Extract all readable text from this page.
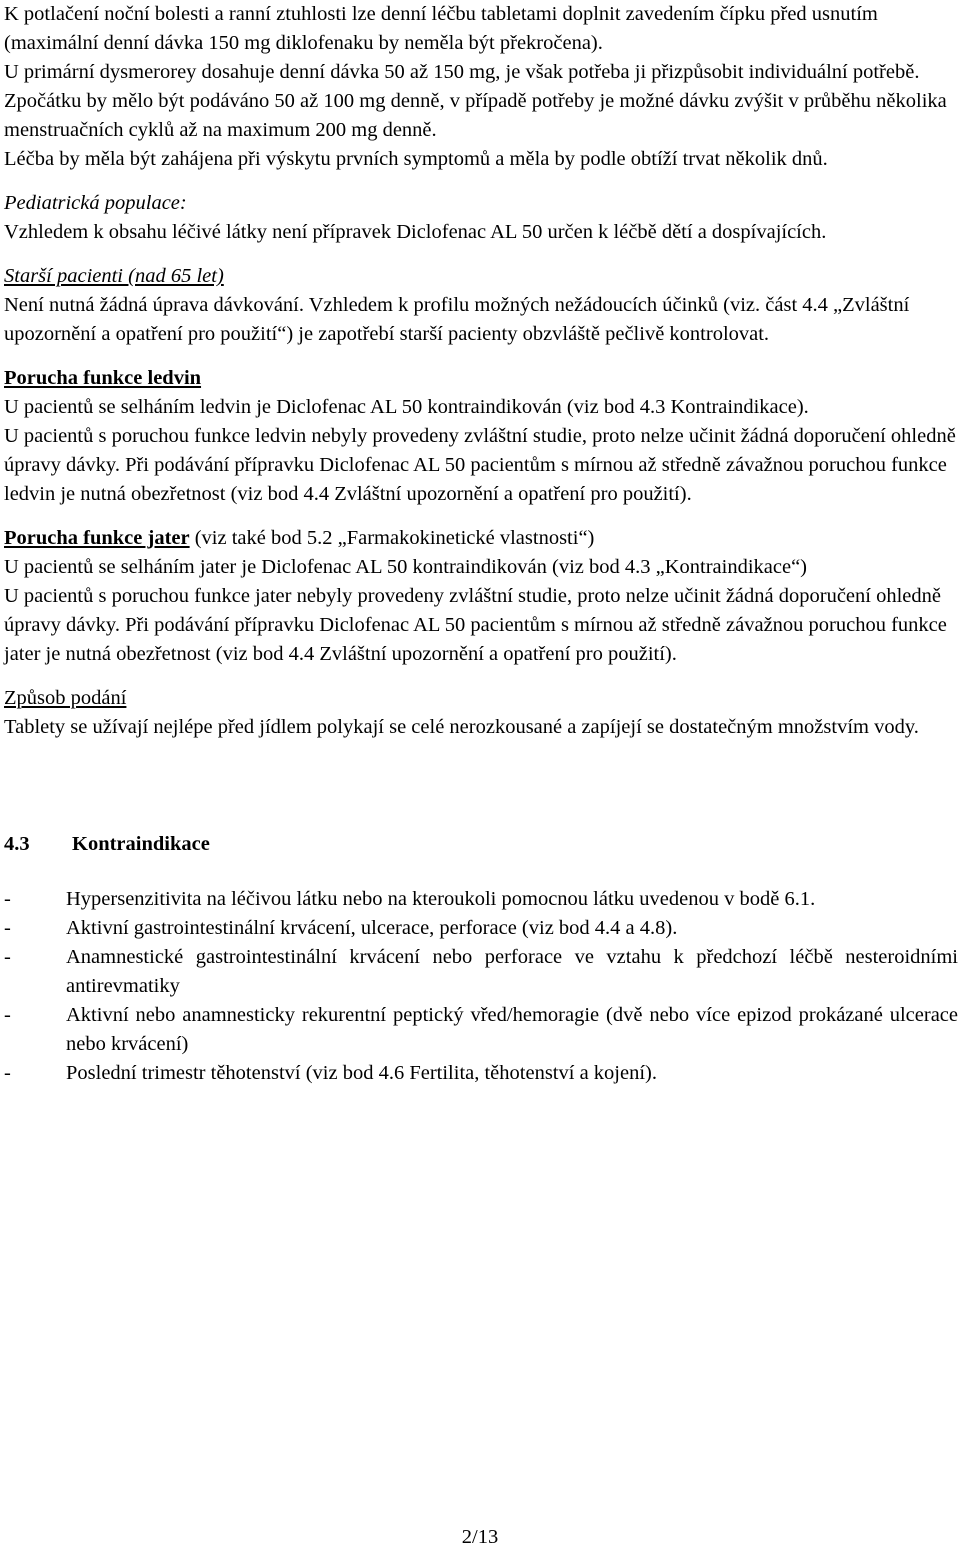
K potlačení noční bolesti a ranní ztuhlosti lze denní léčbu tabletami doplnit zavedením čípku před usnutím (maximální denní dávka 150 mg diklofenaku by neměla být překročena).

U primární dysmerorey dosahuje denní dávka 50 až 150 mg, je však potřeba ji přizpůsobit individuální potřebě. Zpočátku by mělo být podáváno 50 až 100 mg denně, v případě potřeby je možné dávku zvýšit v průběhu několika menstruačních cyklů až na maximum 200 mg denně.

Léčba by měla být zahájena při výskytu prvních symptomů a měla by podle obtíží trvat několik dnů.

Pediatrická populace:

Vzhledem k obsahu léčivé látky není přípravek Diclofenac AL 50 určen k léčbě dětí a dospívajících.

Starší pacienti (nad 65 let)

Není nutná žádná úprava dávkování. Vzhledem k profilu možných nežádoucích účinků (viz. část 4.4 „Zvláštní upozornění a opatření pro použití“) je zapotřebí starší pacienty obzvláště pečlivě kontrolovat.

Porucha funkce ledvin

U pacientů se selháním ledvin je Diclofenac AL 50 kontraindikován (viz bod 4.3 Kontraindikace).

U pacientů s poruchou funkce ledvin nebyly provedeny zvláštní studie, proto nelze učinit žádná doporučení ohledně úpravy dávky. Při podávání přípravku Diclofenac AL 50 pacientům s mírnou až středně závažnou poruchou funkce ledvin je nutná obezřetnost (viz bod 4.4 Zvláštní upozornění a opatření pro použití).

Porucha funkce jater (viz také bod 5.2 „Farmakokinetické vlastnosti“)

U pacientů se selháním jater je Diclofenac AL 50 kontraindikován (viz bod 4.3 „Kontraindikace“)

U pacientů s poruchou funkce jater nebyly provedeny zvláštní studie, proto nelze učinit žádná doporučení ohledně úpravy dávky. Při podávání přípravku Diclofenac AL 50 pacientům s mírnou až středně závažnou poruchou funkce jater je nutná obezřetnost (viz bod 4.4 Zvláštní upozornění a opatření pro použití).

Způsob podání

Tablety se užívají nejlépe před jídlem polykají se celé nerozkousané a zapíjejí se dostatečným množstvím vody.

4.3 Kontraindikace
-	Hypersenzitivita na léčivou látku nebo na kteroukoli pomocnou látku uvedenou v bodě 6.1.
-	Aktivní gastrointestinální krvácení, ulcerace, perforace (viz bod 4.4 a 4.8).
-	Anamnestické gastrointestinální krvácení nebo perforace ve vztahu k předchozí léčbě nesteroidními antirevmatiky
-	Aktivní nebo anamnesticky rekurentní peptický vřed/hemoragie (dvě nebo více epizod prokázané ulcerace nebo krvácení)
-	Poslední trimestr těhotenství (viz bod 4.6 Fertilita, těhotenství a kojení).
2/13
